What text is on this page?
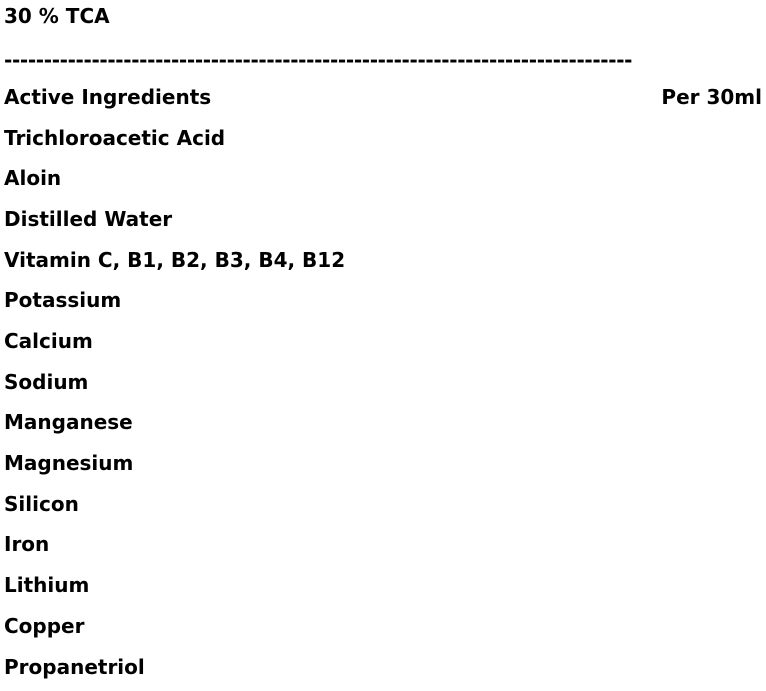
30 % TCA
-------------------------------------------------------------------------------
Active Ingredients	Per 30ml
Trichloroacetic Acid
Aloin
Distilled Water
Vitamin C, B1, B2, B3, B4, B12
Potassium
Calcium
Sodium
Manganese
Magnesium
Silicon
Iron
Lithium
Copper
Propanetriol
